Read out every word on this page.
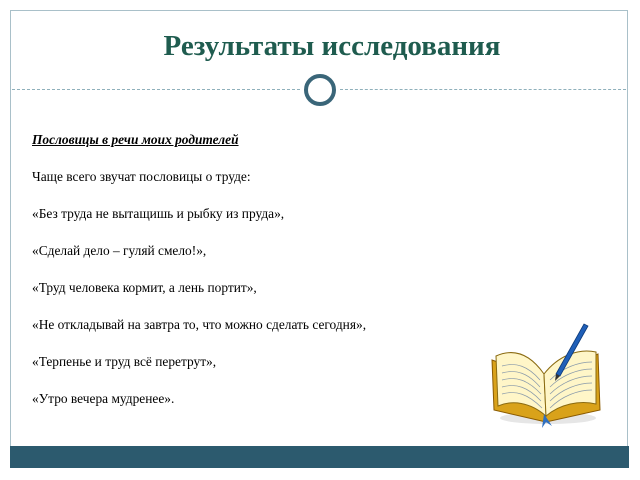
Результаты исследования

Пословицы в речи моих родителей

Чаще всего звучат пословицы о труде:

«Без труда не вытащишь и рыбку из пруда»,

«Сделай дело – гуляй смело!»,

«Труд человека кормит, а лень портит»,

«Не откладывай на завтра то, что можно сделать сегодня»,

«Терпенье и труд всё перетрут»,

«Утро вечера мудренее».
